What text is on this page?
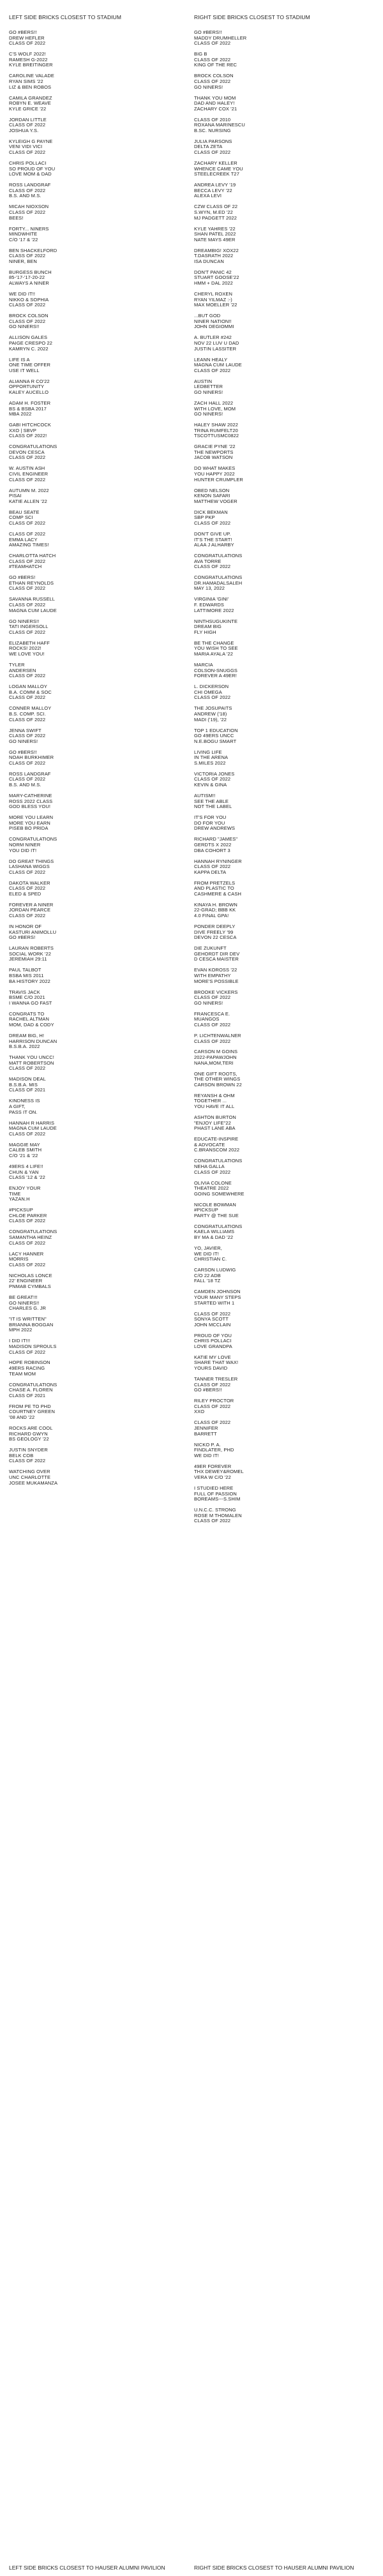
LEFT SIDE BRICKS CLOSEST TO STADIUM
GO #BERS!!
DREW HEFLER
CLASS OF 2022
C'S WOLF 2022!
RAMESH G-2022
KYLE BREITINGER
CAROLINE VALADE
RYAN SIMS '22
LIZ & BEN ROBOS
CAMILA GRANDEZ
ROBYN E. WEAVE
KYLE GRICE '22
JORDAN LITTLE
CLASS OF 2022
JOSHUA Y.S.
KYLEIGH G PAYNE
VENI VIDI VICI
CLASS OF 2022
CHRIS POLLACI
SO PROUD OF YOU
LOVE MOM & DAD
ROSS LANDGRAF
CLASS OF 2022
B.S. AND M.S.
MICAH NIOXSON
CLASS OF 2022
BEES!
FORTY... NINERS
MINDWHITE
C/O '17 & '22
BEN SHACKELFORD
CLASS OF 2022
NINER, BEN
BURGESS BUNCH
85-'17-'17-20-22
ALWAYS A NINER
WE DID IT!!
NIKKO & SOPHIA
CLASS OF 2022
BROCK COLSON
CLASS OF 2022
GO NINERS!!
ALLISON GALES
PAIGE CRESPO 22
KAMRYN C. 2022
LIFE IS A
ONE TIME OFFER
USE IT WELL
ALIANNA R CO'22
OPPORTUNITY
KALEY AUCELLO
ADAM H. FOSTER
BS & BSBA 2017
MBA 2022
GABI HITCHCOCK
XXO | SBVP
CLASS OF 2022!
CONGRATULATIONS
DEVON CESCA
CLASS OF 2022
W. AUSTIN ASH
CIVIL ENGINEER
CLASS OF 2022
AUTUMN M. 2022
PISAI
KATIE ALLEN '22
BEAU SEATE
COMP SCI
CLASS OF 2022
CLASS OF 2022
EMMA LACY
AMAZING TIMES!
CHARLOTTA HATCH
CLASS OF 2022
#TEAMHATCH
GO #BERS!
ETHAN REYNOLDS
CLASS OF 2022
SAVANNA RUSSELL
CLASS OF 2022
MAGNA CUM LAUDE
GO NINERS!!
TATI INGERSOLL
CLASS OF 2022
ELIZABETH HAFF
ROCKS! 2022!
WE LOVE YOU!
TYLER
ANDERSEN
CLASS OF 2022
LOGAN MALLOY
B.A. COMM & SOC
CLASS OF 2022
CONNER MALLOY
B.S. COMP. SCI.
CLASS OF 2022
JENNA SWIFT
CLASS OF 2022
GO NINERS!
GO #BERS!!
NOAH BURKHIMER
CLASS OF 2022
ROSS LANDGRAF
CLASS OF 2022
B.S. AND M.S.
MARY-CATHERINE
ROSS 2022 CLASS
GOD BLESS YOU!
MORE YOU LEARN
MORE YOU EARN
PISEB BO PRIDA
CONGRATULATIONS
NORM NINER
YOU DID IT!
DO GREAT THINGS
LASHANA WIGGS
CLASS OF 2022
DAKOTA WALKER
CLASS OF 2022
ELED & SPED
FOREVER A NINER
JORDAN PEARCE
CLASS OF 2022
IN HONOR OF
KASTURI ANIMOLLU
GO #BERS!
LAURAN ROBERTS
SOCIAL WORK '22
JEREMIAH 29:11
PAUL TALBOT
BSBA MIS 2011
BA HISTORY 2022
TRAVIS JACK
BSME C/O 2021
I WANNA GO FAST
CONGRATS TO
RACHEL ALTMAN
MOM, DAD & CODY
DREAM BIG, H!
HARRISON DUNCAN
B.S.B.A. 2022
THANK YOU UNCC!
MATT ROBERTSON
CLASS OF 2022
MADISON DEAL
B.S.B.A. MIS
CLASS OF 2021
KINDNESS IS
A GIFT,
PASS IT ON.
HANNAH R HARRIS
MAGNA CUM LAUDE
CLASS OF 2022
MAGGIE MAY
CALEB SMITH
C/O '21 & '22
49ERS 4 LIFE!!
CHUN & YAN
CLASS '12 & '22
ENJOY YOUR
TIME
YAZAN.H
#PICKSUP
CHLOE PARKER
CLASS OF 2022
CONGRATULATIONS
SAMANTHA HEINZ
CLASS OF 2022
LACY HANNER
MORRIS
CLASS OF 2022
NICHOLAS LONCE
22' ENGINEER
PNMAB CYMBALS
BE GREAT!!!
GO NINERS!!
CHARLES G. JR
"IT IS WRITTEN"
BRIANNA BOGGAN
MPH 2022
I DID IT!!!
MADISON SPROULS
CLASS OF 2022
HOPE ROBINSON
49ERS RACING
TEAM MOM
CONGRATULATIONS
CHASE A. FLOREN
CLASS OF 2021
FROM PE TO PHD
COURTNEY GREEN
'08 AND '22
ROCKS ARE COOL
RICHARD GWYN
BS GEOLOGY '22
JUSTIN SNYDER
BELK COB
CLASS OF 2022
WATCHING OVER
UNC CHARLOTTE
JOSEE MUKAMANZA
RIGHT SIDE BRICKS CLOSEST TO STADIUM
GO #BERS!!
MADDY DRUMHELLER
CLASS OF 2022
BIG B
CLASS OF 2022
KING OF THE REC
BROCK COLSON
CLASS OF 2022
GO NINERS!
THANK YOU MOM
DAD AND HALEY!
ZACHARY COX '21
CLASS OF 2010
ROXANA MARINESCU
B.SC. NURSING
JULIA PARSONS
DELTA ZETA
CLASS OF 2022
ZACHARY KELLER
WHENCE CAME YOU
STEELECREEK T27
ANDREA LEVY '19
BECCA LEVY '22
ALEXA LEVI
CZW CLASS OF 22
S.WYN, M.ED '22
MJ PADGETT 2022
KYLE YAHRES '22
SHAN PATEL 2022
NATE MAYS 49ER
DREAMBIG! XOX22
T.DASRATH 2022
ISA DUNCAN
DON'T PANIC 42
STUART GOOSE'22
HMM + DAL 2022
CHERYL ROXEN
RYAN YILMAZ :-)
MAX MOELLER '22
...BUT GOD
NINER NATION!!
JOHN DEGIOMMI
A. BUTLER #242
NOV 22 LUV U DAD
JUSTIN LASSITER
LEANN HEALY
MAGNA CUM LAUDE
CLASS OF 2022
AUSTIN
LEDBETTER
GO NINERS!
ZACH HALL 2022
WITH LOVE, MOM
GO NINERS!
HALEY SHAW 2022
TRINA RUMFELT20
TSCOTTUSMC0822
GRACIE PYNE '22
THE NEWPORTS
JACOB WATSON
DO WHAT MAKES
YOU HAPPY 2022
HUNTER CRUMPLER
OBED NELSON
KENON SAFARI
MATTHEW VOGER
DICK BEKMAN
SBP PKP
CLASS OF 2022
DON'T GIVE UP.
IT'S THE START!
ALAA J ALHARBY
CONGRATULATIONS
AVA TORRE
CLASS OF 2022
CONGRATULATIONS
DR.HAMADALSALEH
MAY 13, 2022
VIRGINIA 'GINI'
F. EDWARDS
LATTIMORE 2022
NINTHSUGUKINTE
DREAM BIG
FLY HIGH
BE THE CHANGE
YOU WISH TO SEE
MARIA AYALA '22
MARCIA
COLSON-SNUGGS
FOREVER A 49ER!
L. DICKERSON
CHI OMEGA
CLASS OF 2022
THE JOSUPAITS
ANDREW ('18)
MADI ('19), '22
TOP 1 EDUCATION
GO 49ERS UNCC
N.E.BOGU SMART
LIVING LIFE
IN THE ARENA
S.MILES 2022
VICTORIA JONES
CLASS OF 2022
KEVIN & GINA
AUTISM!!
SEE THE ABLE
NOT THE LABEL
IT'S FOR YOU
DO FOR YOU
DREW ANDREWS
RICHARD "JAMES"
GERDTS X 2022
DBA COHORT 3
HANNAH RYNINGER
CLASS OF 2022
KAPPA DELTA
FROM PRETZELS
AND PLASTIC TO
CASHMERE & CASH
KINAYA H. BROWN
22-GRAD; BBB KK
4.0 FINAL GPA!
PONDER DEEPLY
DIVE FREELY '99
DEVON 22 CESCA
DIE ZUKUNFT
GEHORDT DIR DEV
D CESCA MAISTER
EVAN KOROSS '22
WITH EMPATHY
MORE'S POSSIBLE
BROOKE VICKERS
CLASS OF 2022
GO NINERS!
FRANCESCA E.
MUANGOS
CLASS OF 2022
P. LICHTENWALNER
CLASS OF 2022
CARSON M GOINS
2022-PAPAWJOHN
NANA,MOM,TERI
ONE GIFT ROOTS,
THE OTHER WINGS
CARSON BROWN 22
REYANSH & OHM
TOGETHER ...
YOU HAVE IT ALL
ASHTON BURTON
"ENJOY LIFE"22
PHAST LANE ABA
EDUCATE-INSPIRE
& ADVOCATE
C.BRANSCOM 2022
CONGRATULATIONS
NEHA GALLA
CLASS OF 2022
OLIVIA COLONE
THEATRE 2022
GOING SOMEWHERE
NICOLE BOWMAN
#PICKSUP
PARTY @ THE SUE
CONGRATULATIONS
KAELA WILLIAMS
BY MA & DAD '22
YO, JAVIER,
WE DID IT!
CHRISTIAN C.
CARSON LUDWIG
C/O 22 ADB
FALL '18 TZ
CAMDEN JOHNSON
YOUR MANY STEPS
STARTED WITH 1
CLASS OF 2022
SONYA SCOTT
JOHN MCCLAIN
PROUD OF YOU
CHRIS POLLACI
LOVE GRANDPA
KATIE MY LOVE
SHARE THAT WAX!
YOURS DAVID
TANNER TRESLER
CLASS OF 2022
GO #BERS!!
RILEY PROCTOR
CLASS OF 2022
XXO
CLASS OF 2022
JENNIFER
BARRETT
NICKO P. A.
FINDLATER, PHD
WE DID IT!
49ER FOREVER
THX DEWEY&ROMEL
VERA W C/O '22
I STUDIED HERE
FULL OF PASSION
BOREAMS---S.SHIM
U.N.C.C. STRONG
ROSE M THOMALEN
CLASS OF 2022
LEFT SIDE BRICKS CLOSEST TO HAUSER ALUMNI PAVILION	RIGHT SIDE BRICKS CLOSEST TO HAUSER ALUMNI PAVILION
